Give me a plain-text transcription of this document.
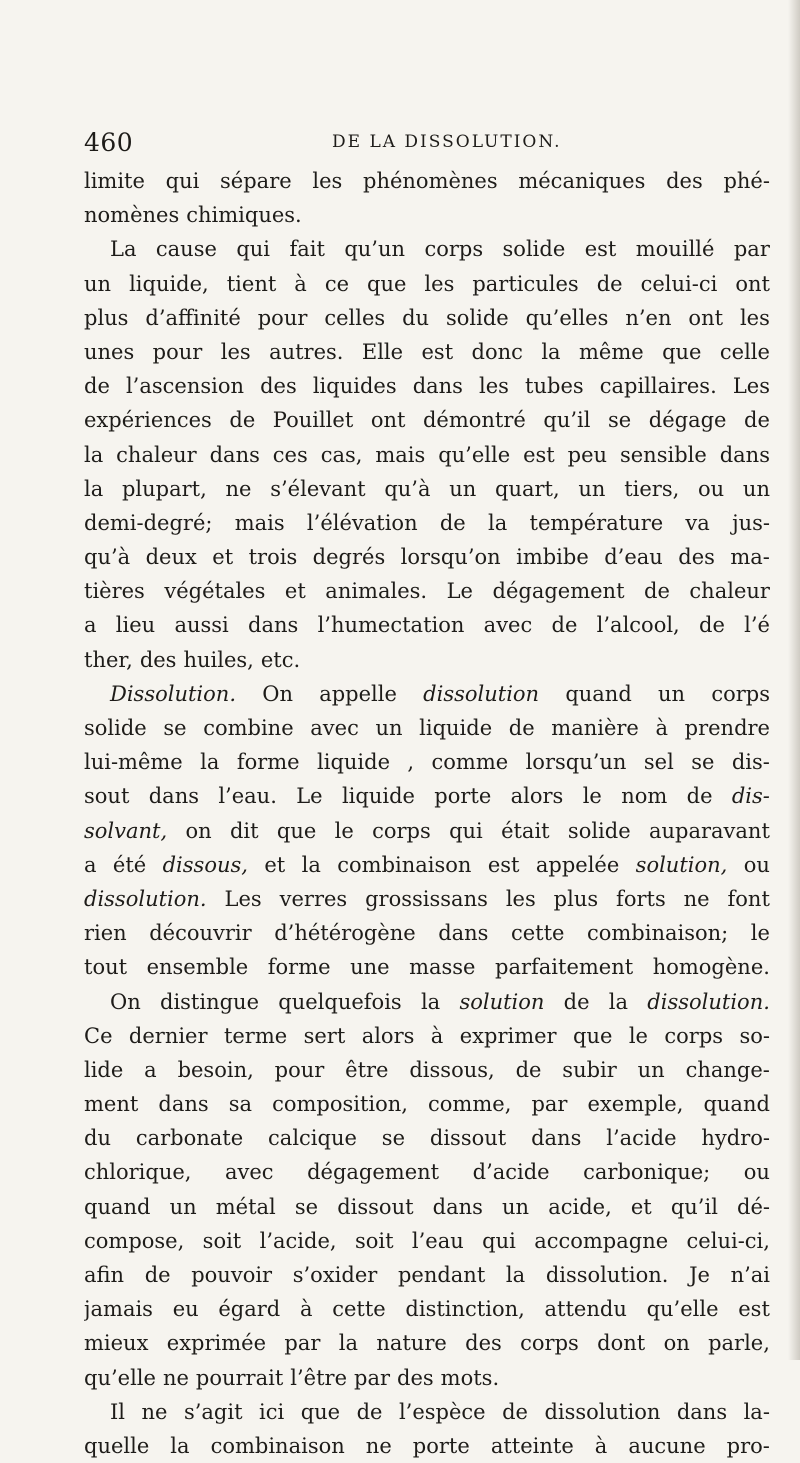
460	DE LA DISSOLUTION.
limite qui sépare les phénomènes mécaniques des phé-
nomènes chimiques.
La cause qui fait qu’un corps solide est mouillé par
un liquide, tient à ce que les particules de celui-ci ont
plus d’affinité pour celles du solide qu’elles n’en ont les
unes pour les autres. Elle est donc la même que celle
de l’ascension des liquides dans les tubes capillaires. Les
expériences de Pouillet ont démontré qu’il se dégage de
la chaleur dans ces cas, mais qu’elle est peu sensible dans
la plupart, ne s’élevant qu’à un quart, un tiers, ou un
demi-degré; mais l’élévation de la température va jus-
qu’à deux et trois degrés lorsqu’on imbibe d’eau des ma-
tières végétales et animales. Le dégagement de chaleur
a lieu aussi dans l’humectation avec de l’alcool, de l’é
ther, des huiles, etc.
Dissolution. On appelle dissolution quand un corps
solide se combine avec un liquide de manière à prendre
lui-même la forme liquide , comme lorsqu’un sel se dis-
sout dans l’eau. Le liquide porte alors le nom de dis-
solvant, on dit que le corps qui était solide auparavant
a été dissous, et la combinaison est appelée solution, ou
dissolution. Les verres grossissans les plus forts ne font
rien découvrir d’hétérogène dans cette combinaison; le
tout ensemble forme une masse parfaitement homogène.
On distingue quelquefois la solution de la dissolution.
Ce dernier terme sert alors à exprimer que le corps so-
lide a besoin, pour être dissous, de subir un change-
ment dans sa composition, comme, par exemple, quand
du carbonate calcique se dissout dans l’acide hydro-
chlorique, avec dégagement d’acide carbonique; ou
quand un métal se dissout dans un acide, et qu’il dé-
compose, soit l’acide, soit l’eau qui accompagne celui-ci,
afin de pouvoir s’oxider pendant la dissolution. Je n’ai
jamais eu égard à cette distinction, attendu qu’elle est
mieux exprimée par la nature des corps dont on parle,
qu’elle ne pourrait l’être par des mots.
Il ne s’agit ici que de l’espèce de dissolution dans la-
quelle la combinaison ne porte atteinte à aucune pro-
